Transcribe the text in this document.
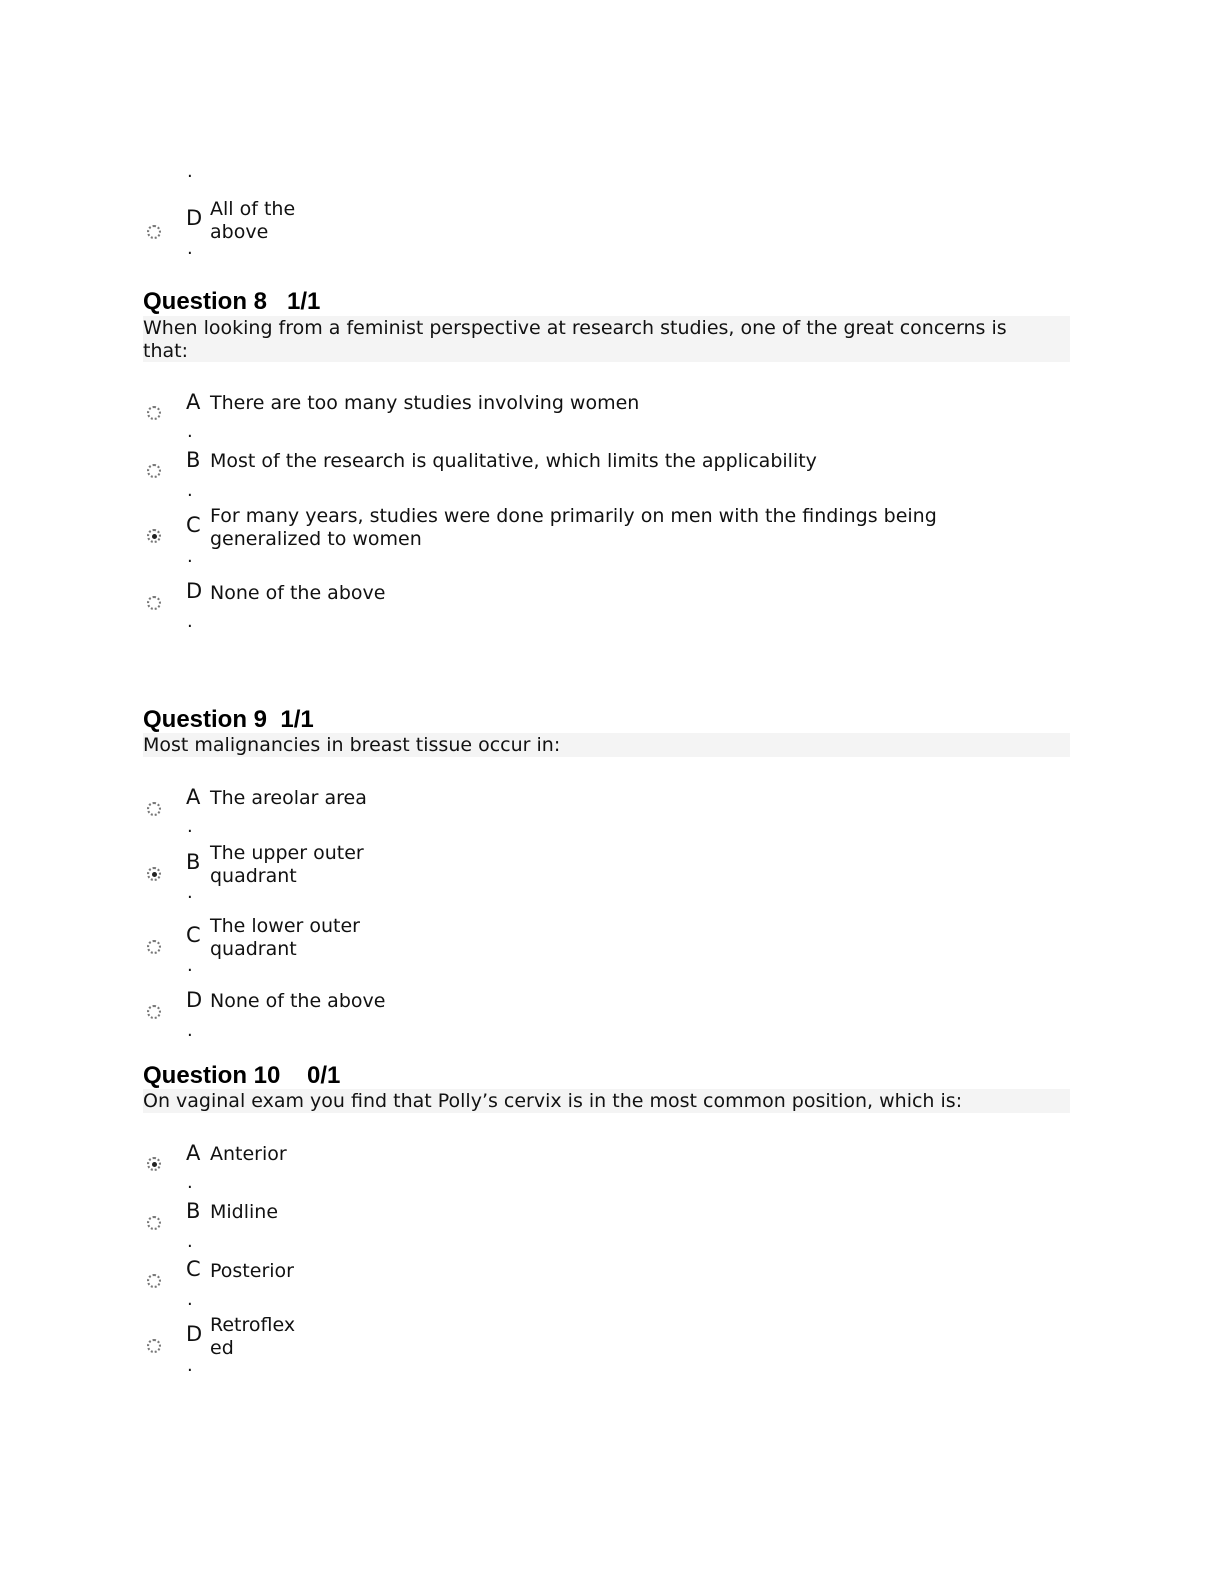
.
D All of the above
.
Question 8   1/1
When looking from a feminist perspective at research studies, one of the great concerns is that:
A There are too many studies involving women
.
B Most of the research is qualitative, which limits the applicability
.
C For many years, studies were done primarily on men with the findings being generalized to women
.
D None of the above
.
Question 9  1/1
Most malignancies in breast tissue occur in:
A The areolar area
.
B The upper outer quadrant
.
C The lower outer quadrant
.
D None of the above
.
Question 10    0/1
On vaginal exam you find that Polly’s cervix is in the most common position, which is:
A Anterior
.
B Midline
.
C Posterior
.
D Retroflexed
.
